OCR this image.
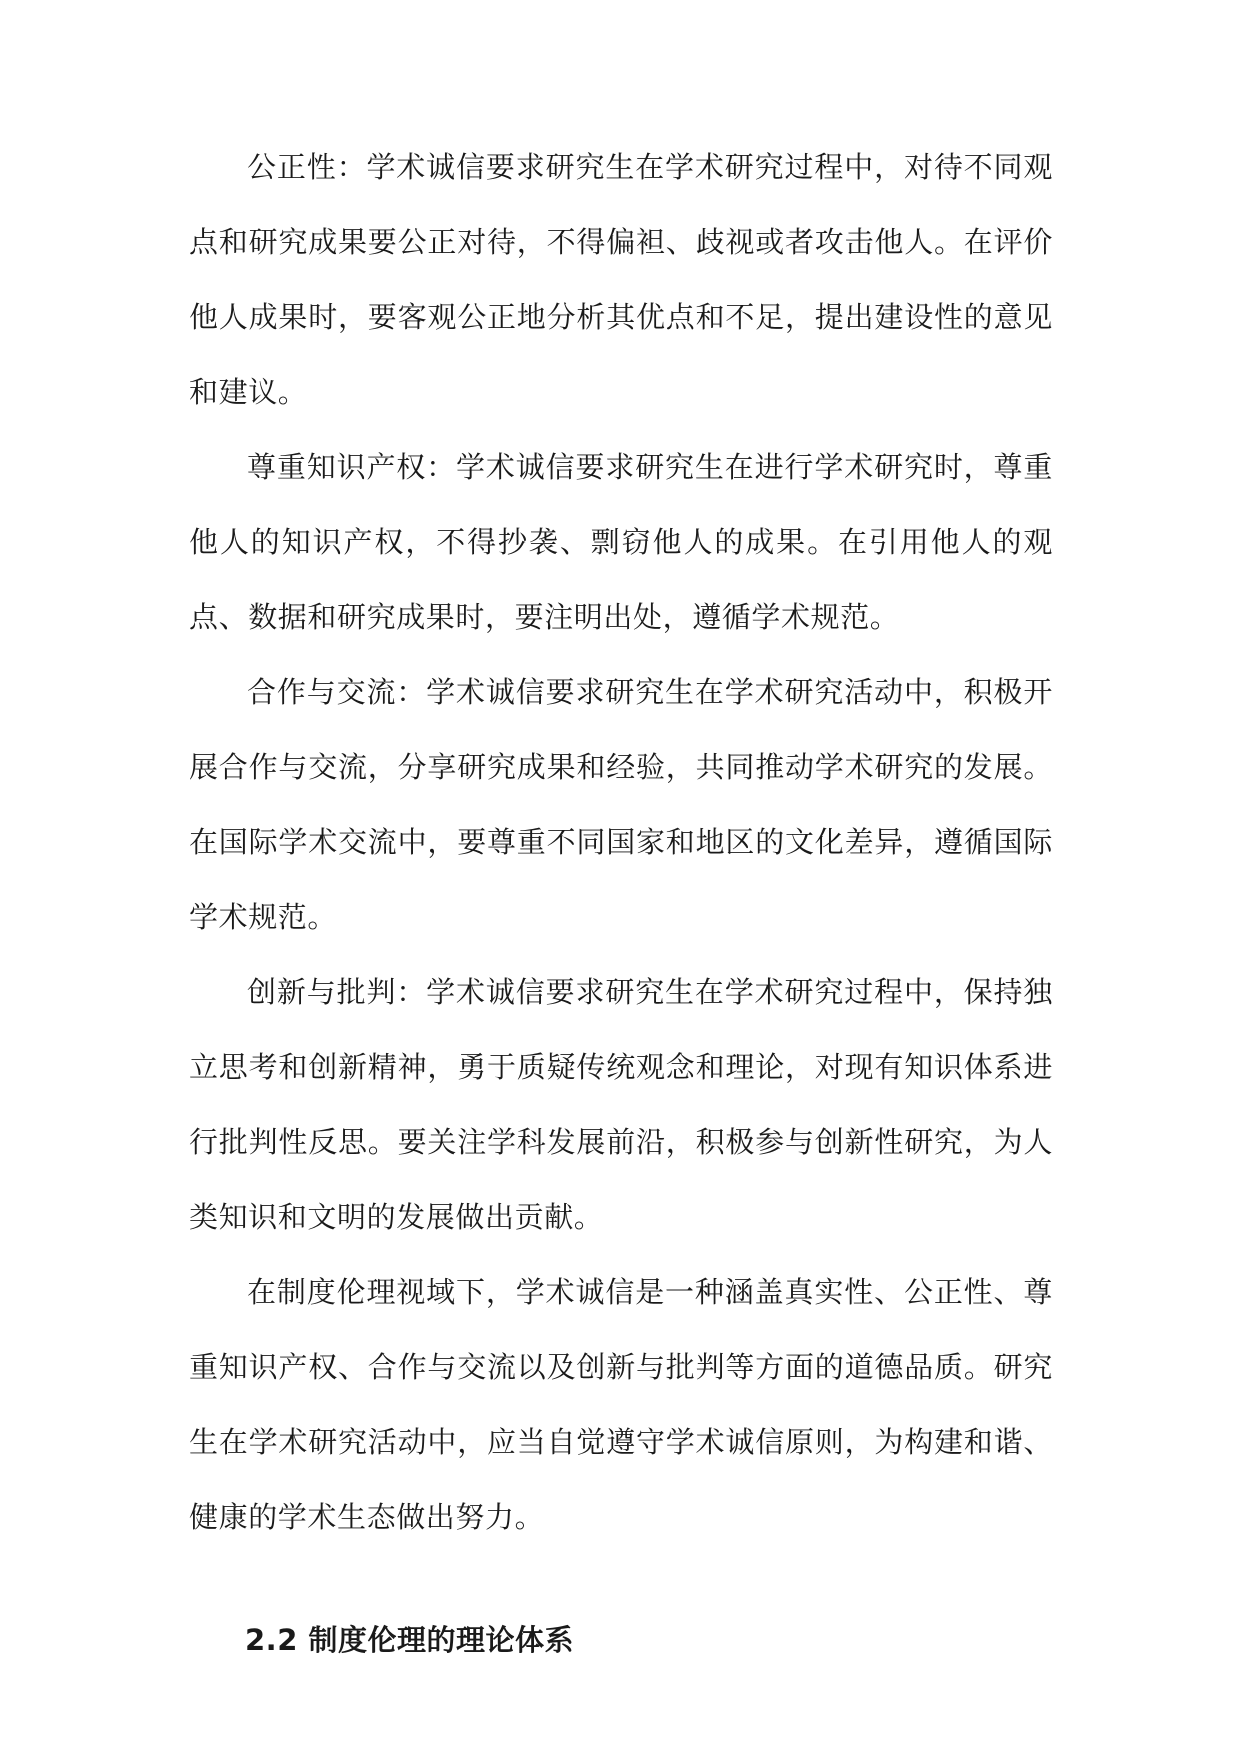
公正性：学术诚信要求研究生在学术研究过程中，对待不同观点和研究成果要公正对待，不得偏袒、歧视或者攻击他人。在评价他人成果时，要客观公正地分析其优点和不足，提出建设性的意见和建议。

尊重知识产权：学术诚信要求研究生在进行学术研究时，尊重他人的知识产权，不得抄袭、剽窃他人的成果。在引用他人的观点、数据和研究成果时，要注明出处，遵循学术规范。

合作与交流：学术诚信要求研究生在学术研究活动中，积极开展合作与交流，分享研究成果和经验，共同推动学术研究的发展。在国际学术交流中，要尊重不同国家和地区的文化差异，遵循国际学术规范。

创新与批判：学术诚信要求研究生在学术研究过程中，保持独立思考和创新精神，勇于质疑传统观念和理论，对现有知识体系进行批判性反思。要关注学科发展前沿，积极参与创新性研究，为人类知识和文明的发展做出贡献。

在制度伦理视域下，学术诚信是一种涵盖真实性、公正性、尊重知识产权、合作与交流以及创新与批判等方面的道德品质。研究生在学术研究活动中，应当自觉遵守学术诚信原则，为构建和谐、健康的学术生态做出努力。

2.2 制度伦理的理论体系
